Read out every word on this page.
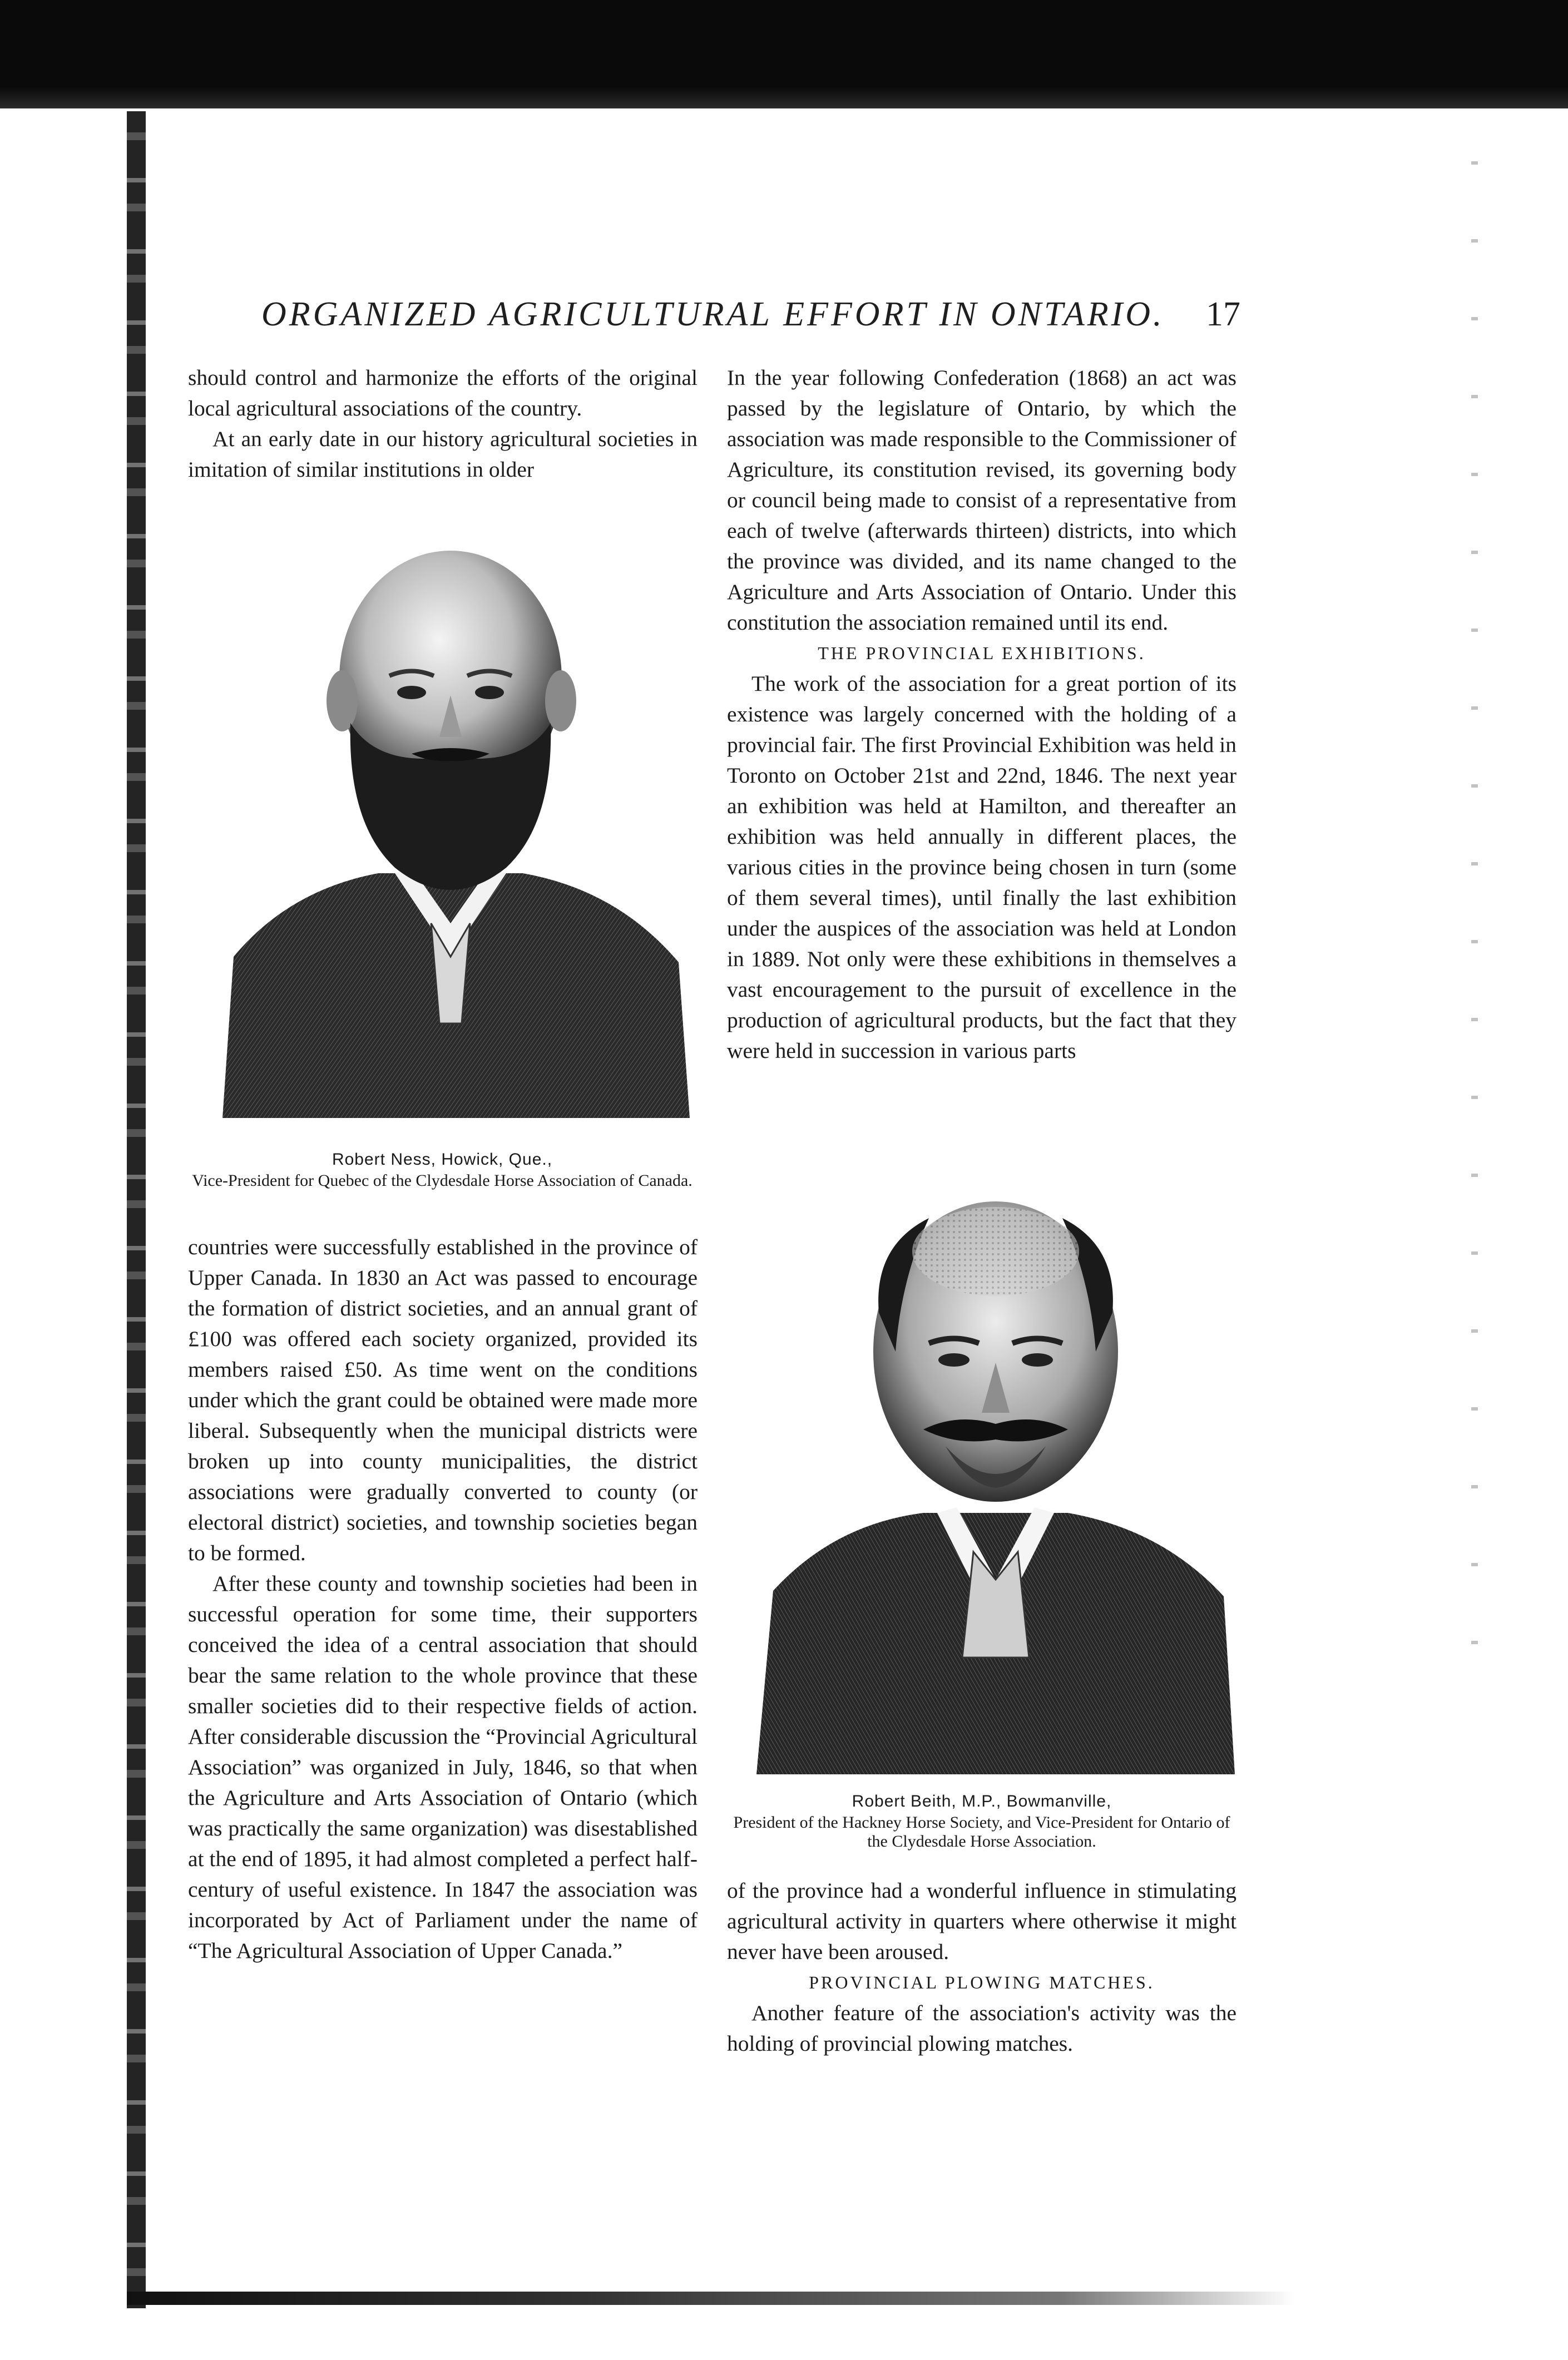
ORGANIZED AGRICULTURAL EFFORT IN ONTARIO. 17

should control and harmonize the efforts of the original local agricultural associations of the country.

At an early date in our history agricultural societies in imitation of similar institutions in older

Robert Ness, Howick, Que.,
Vice-President for Quebec of the Clydesdale Horse Association of Canada.

countries were successfully established in the province of Upper Canada. In 1830 an Act was passed to encourage the formation of district societies, and an annual grant of £100 was offered each society organized, provided its members raised £50. As time went on the conditions under which the grant could be obtained were made more liberal. Subsequently when the municipal districts were broken up into county municipalities, the district associations were gradually converted to county (or electoral district) societies, and township societies began to be formed.

After these county and township societies had been in successful operation for some time, their supporters conceived the idea of a central association that should bear the same relation to the whole province that these smaller societies did to their respective fields of action. After considerable discussion the “Provincial Agricultural Association” was organized in July, 1846, so that when the Agriculture and Arts Association of Ontario (which was practically the same organization) was disestablished at the end of 1895, it had almost completed a perfect half-century of useful existence. In 1847 the association was incorporated by Act of Parliament under the name of “The Agricultural Association of Upper Canada.”

In the year following Confederation (1868) an act was passed by the legislature of Ontario, by which the association was made responsible to the Commissioner of Agriculture, its constitution revised, its governing body or council being made to consist of a representative from each of twelve (afterwards thirteen) districts, into which the province was divided, and its name changed to the Agriculture and Arts Association of Ontario. Under this constitution the association remained until its end.

THE PROVINCIAL EXHIBITIONS.

The work of the association for a great portion of its existence was largely concerned with the holding of a provincial fair. The first Provincial Exhibition was held in Toronto on October 21st and 22nd, 1846. The next year an exhibition was held at Hamilton, and thereafter an exhibition was held annually in different places, the various cities in the province being chosen in turn (some of them several times), until finally the last exhibition under the auspices of the association was held at London in 1889. Not only were these exhibitions in themselves a vast encouragement to the pursuit of excellence in the production of agricultural products, but the fact that they were held in succession in various parts

Robert Beith, M.P., Bowmanville,
President of the Hackney Horse Society, and Vice-President for Ontario of the Clydesdale Horse Association.

of the province had a wonderful influence in stimulating agricultural activity in quarters where otherwise it might never have been aroused.

PROVINCIAL PLOWING MATCHES.

Another feature of the association's activity was the holding of provincial plowing matches.
